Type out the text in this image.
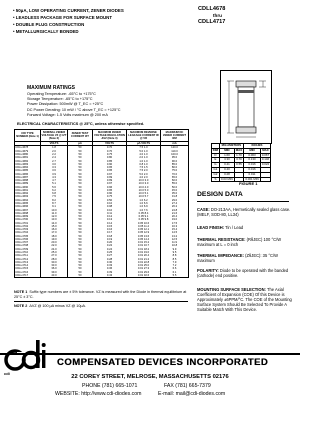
• 50μA, LOW OPERATING CURRENT, ZENER DIODES
• LEADLESS PACKAGE FOR SURFACE MOUNT
• DOUBLE PLUG CONSTRUCTION
• METALLURGICALLY BONDED
CDLL4678
thru
CDLL4717
MAXIMUM RATINGS
Operating Temperature: -65°C to +175°C
Storage Temperature: -65°C to +175°C
Power Dissipation: 500mW @ T_EC = +25°C
DC Power Derating: 10 mW / °C above T_EC = +125°C
Forward Voltage: 1.5 Volts maximum @ 200 mA
ELECTRICAL CHARACTERISTICS @ 25°C, unless otherwise specified.
CDI TYPE NUMBER (Note 1)	NOMINAL ZENER VOLTAGE VZ @ IZT (Note 2)	ZENER TEST CURRENT IZT	MAXIMUM ZENER VOLTAGE REGULATION ΔVZ (Note 3)	MAXIMUM REVERSE LEAKAGE CURRENT IR @ VR	MAXIMUM DC ZENER CURRENT IZM
	VOLTS	μA	VOLTS	μA VOLTS	mA
CDLL4678	1.8	50	0.70	7.5 1.0	120.0
CDLL4679	2.0	50	0.70	5.0 1.0	110.0
CDLL4680	2.2	50	0.75	4.0 1.0	100.0
CDLL4681	2.4	50	0.80	2.0 1.0	95.0
CDLL4682	2.7	50	0.85	1.0 1.0	90.0
CDLL4683	3.0	50	0.90	0.8 1.0	85.0
CDLL4684	3.3	50	0.95	7.5 1.5	80.0
CDLL4685	3.6	50	0.95	7.5 2.0	75.0
CDLL4686	3.9	50	0.97	5.0 2.0	70.0
CDLL4687	4.3	50	0.99	4.0 2.0	65.0
CDLL4688	4.7	50	0.99	10.0 3.0	60.0
CDLL4689	5.1	50	0.97	10.0 3.0	55.0
CDLL4690	5.6	50	0.96	10.0 4.0	50.0
CDLL4691	6.2	50	0.95	10.0 5.0	45.0
CDLL4692	6.8	50	0.90	10.0 5.1	35.0
CDLL4693	7.5	50	0.75	10.0 5.7	31.8
CDLL4694	8.2	50	0.50	1.0 6.2	29.0
CDLL4695	8.7	50	0.10	1.0 6.6	27.4
CDLL4696	9.1	50	0.08	1.0 6.9	26.2
CDLL4697	10.0	50	0.10	1.0 7.6	24.8
CDLL4698	11.0	50	0.11	0.05 8.4	21.6
CDLL4699	12.0	50	0.12	0.05 9.1	20.4
CDLL4700	13.0	50	0.13	0.05 9.8	19.0
CDLL4701	14.0	50	0.14	0.05 10.6	17.5
CDLL4702	15.0	50	0.15	0.05 11.4	16.3
CDLL4703	16.0	50	0.16	0.05 12.1	15.4
CDLL4704	17.0	50	0.17	0.05 12.9	14.5
CDLL4705	18.0	50	0.18	0.05 13.6	13.2
CDLL4706	19.0	50	0.19	0.05 14.4	12.5
CDLL4707	20.0	50	0.20	0.01 15.2	11.9
CDLL4708	22.0	50	0.22	0.01 16.7	10.8
CDLL4709	24.0	50	0.24	0.01 18.2	9.9
CDLL4710	25.0	50	0.25	0.01 19.0	9.5
CDLL4711	27.0	50	0.27	0.01 20.4	8.8
CDLL4712	28.0	50	0.28	0.01 21.2	8.5
CDLL4713	30.0	50	0.30	0.01 22.8	7.9
CDLL4714	33.0	50	0.33	0.01 25.0	7.2
CDLL4715	36.0	50	0.36	0.01 27.3	6.6
CDLL4716	39.0	50	0.39	0.01 29.6	6.1
CDLL4717	43.0	50	0.43	0.01 32.6	5.5
NOTE 1 Suffix type numbers are ± 5% tolerance. VZ is measured with the Diode in thermal equilibrium at 25°C ± 3°C.
NOTE 2 ΔVZ @ 100 μA minus VZ @ 10μA.
	MILLIMETERS		INCHES	
DIM	MIN	MAX	MIN	MAX
D	1.60	1.70	0.063	0.067
E	3.30	3.70	0.130	0.146
G	0.41	0.55	0.016	0.022
G1	0.40		0.016	
G2	0.28		0.011	
S	0.03 MIN		0.001 MIN	
FIGURE 1
DESIGN DATA
CASE: DO-213AA, Hermetically sealed glass case. (MELF, SOD-80, LL34)
LEAD FINISH: Tin / Lead
THERMAL RESISTANCE: (RθJEC) 100 °C/W maximum at L = 0 inch
THERMAL IMPEDANCE: (ZθJEC): 35 °C/W maximum
POLARITY: Diode to be operated with the banded (cathode) end positive.
MOUNTING SURFACE SELECTION: The Axial Coefficient of Expansion (COE) Of this Device is Approximately ±6PPM/°C. The COE of the Mounting Surface System Should Be Selected To Provide A Suitable Match With This Device.
cdi
COMPENSATED DEVICES INCORPORATED
22 COREY STREET, MELROSE, MASSACHUSETTS 02176
PHONE (781) 665-1071	FAX (781) 665-7379
WEBSITE: http://www.cdi-diodes.com	E-mail: mail@cdi-diodes.com
